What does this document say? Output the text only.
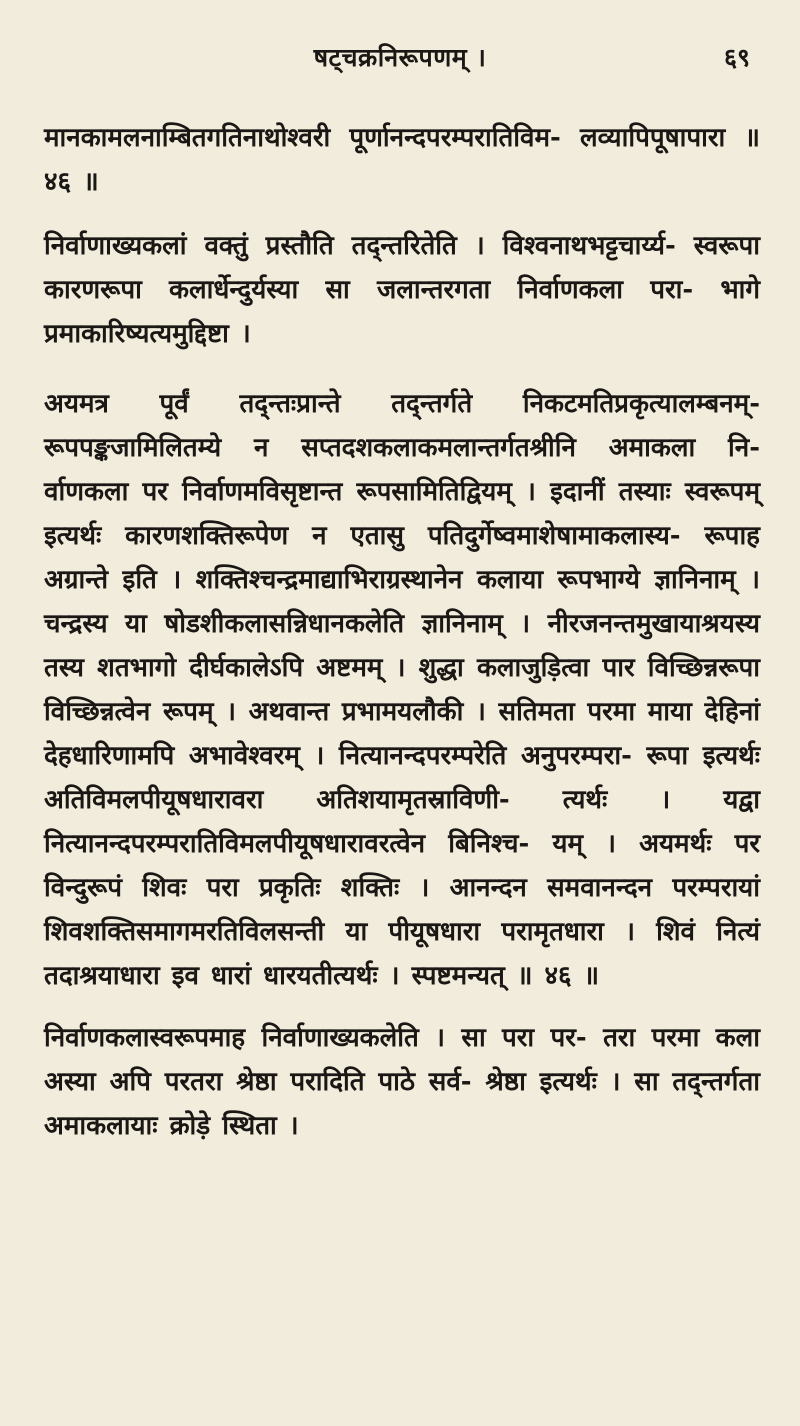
षट्चक्रनिरूपणम् ।	६९

मानकामलनाम्बितगतिनाथोश्वरी पूर्णानन्दपरम्परातिविम- लव्यापिपूषापारा ॥ ४६ ॥

निर्वाणाख्यकलां वक्तुं प्रस्तौति तद्‌न्तरितेति । विश्वनाथभट्टचार्य्य- स्वरूपा कारणरूपा कलार्धेन्दुर्यस्या सा जलान्तरगता निर्वाणकला परा- भागे प्रमाकारिष्यत्यमुद्दिष्टा ।

अयमत्र पूर्वं तद्‌न्तःप्रान्ते तद्‌न्तर्गते निकटमतिप्रकृत्यालम्बनम्- रूपपङ्कजामिलितम्ये न सप्तदशकलाकमलान्तर्गतश्रीनि अमाकला नि- र्वाणकला पर निर्वाणमविसृष्टान्त रूपसामितिद्वियम् । इदानीं तस्याः स्वरूपम् इत्यर्थः कारणशक्तिरूपेण न एतासु पतिदुर्गेष्वमाशेषामाकलास्य- रूपाह अग्रान्ते इति । शक्तिश्चन्द्रमाद्याभिराग्रस्थानेन कलाया रूपभाग्ये ज्ञानिनाम् । चन्द्रस्य या षोडशीकलासन्निधानकलेति ज्ञानिनाम् । नीरजनन्तमुखायाश्रयस्य तस्य शतभागो दीर्घकालेऽपि अष्टमम् । शुद्धा कलाजुड़ित्वा पार विच्छिन्नरूपा विच्छिन्नत्वेन रूपम् । अथवान्त प्रभामयलौकी । सतिमता परमा माया देहिनां देहधारिणामपि अभावेश्वरम् । नित्यानन्दपरम्परेति अनुपरम्परा- रूपा इत्यर्थः अतिविमलपीयूषधारावरा अतिशयामृतस्राविणी- त्यर्थः । यद्वा नित्यानन्दपरम्परातिविमलपीयूषधारावरत्वेन बिनिश्च- यम् । अयमर्थः पर विन्दुरूपं शिवः परा प्रकृतिः शक्तिः । आनन्दन समवानन्दन परम्परायां शिवशक्तिसमागमरतिविलसन्ती या पीयूषधारा परामृतधारा । शिवं नित्यं तदाश्रयाधारा इव धारां धारयतीत्यर्थः । स्पष्टमन्यत् ॥ ४६ ॥

निर्वाणकलास्वरूपमाह निर्वाणाख्यकलेति । सा परा पर- तरा परमा कला अस्या अपि परतरा श्रेष्ठा परादिति पाठे सर्व- श्रेष्ठा इत्यर्थः । सा तद्‌न्तर्गता अमाकलायाः क्रोड़े स्थिता ।
